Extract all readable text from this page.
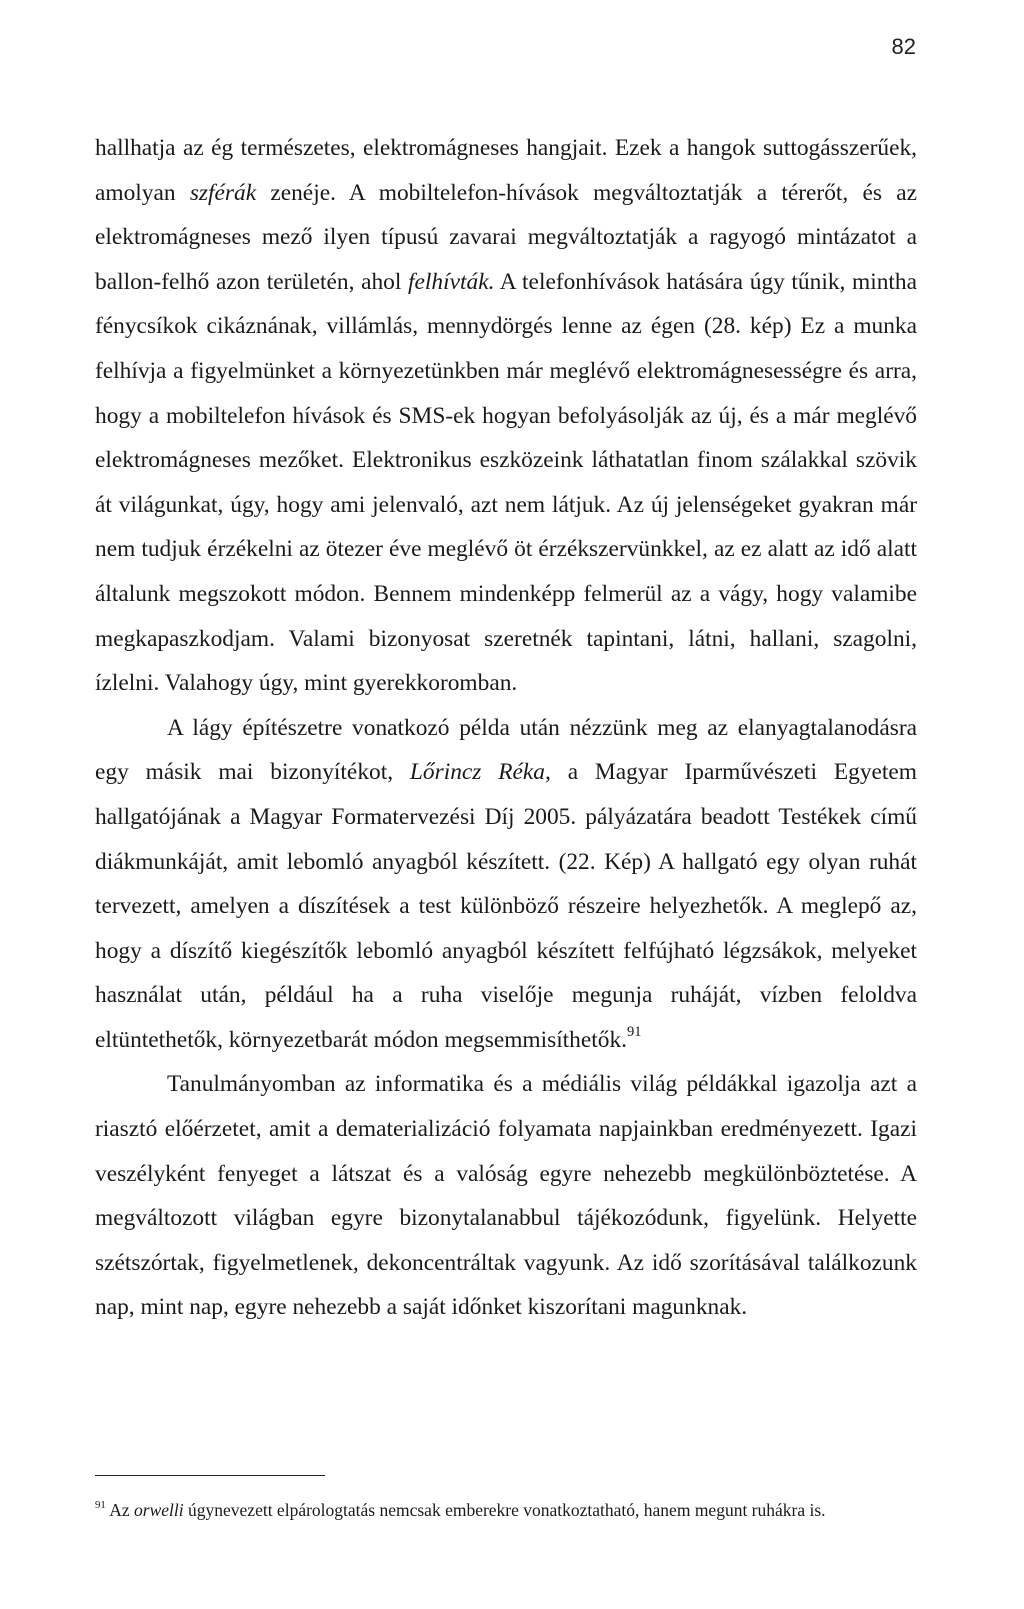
82

hallhatja az ég természetes, elektromágneses hangjait. Ezek a hangok suttogásszerűek, amolyan szférák zenéje. A mobiltelefon-hívások megváltoztatják a térerőt, és az elektromágneses mező ilyen típusú zavarai megváltoztatják a ragyogó mintázatot a ballon-felhő azon területén, ahol felhívták. A telefonhívások hatására úgy tűnik, mintha fénycsíkok cikáznának, villámlás, mennydörgés lenne az égen (28. kép) Ez a munka felhívja a figyelmünket a környezetünkben már meglévő elektromágnesességre és arra, hogy a mobiltelefon hívások és SMS-ek hogyan befolyásolják az új, és a már meglévő elektromágneses mezőket. Elektronikus eszközeink láthatatlan finom szálakkal szövik át világunkat, úgy, hogy ami jelenvaló, azt nem látjuk. Az új jelenségeket gyakran már nem tudjuk érzékelni az ötezer éve meglévő öt érzékszervünkkel, az ez alatt az idő alatt általunk megszokott módon. Bennem mindenképp felmerül az a vágy, hogy valamibe megkapaszkodjam. Valami bizonyosat szeretnék tapintani, látni, hallani, szagolni, ízlelni. Valahogy úgy, mint gyerekkoromban.

A lágy építészetre vonatkozó példa után nézzünk meg az elanyagtalanodásra egy másik mai bizonyítékot, Lőrincz Réka, a Magyar Iparművészeti Egyetem hallgatójának a Magyar Formatervezési Díj 2005. pályázatára beadott Testékek című diákmunkáját, amit lebomló anyagból készített. (22. Kép) A hallgató egy olyan ruhát tervezett, amelyen a díszítések a test különböző részeire helyezhetők. A meglepő az, hogy a díszítő kiegészítők lebomló anyagból készített felfújható légzsákok, melyeket használat után, például ha a ruha viselője megunja ruháját, vízben feloldva eltüntethetők, környezetbarát módon megsemmisíthetők.$^{91}$

Tanulmányomban az informatika és a médiális világ példákkal igazolja azt a riasztó előérzetet, amit a dematerializáció folyamata napjainkban eredményezett. Igazi veszélyként fenyeget a látszat és a valóság egyre nehezebb megkülönböztetése. A megváltozott világban egyre bizonytalanabbul tájékozódunk, figyelünk. Helyette szétszórtak, figyelmetlenek, dekoncentráltak vagyunk. Az idő szorításával találkozunk nap, mint nap, egyre nehezebb a saját időnket kiszorítani magunknak.

$^{91}$ Az orwelli úgynevezett elpárologtatás nemcsak emberekre vonatkoztatható, hanem megunt ruhákra is.
